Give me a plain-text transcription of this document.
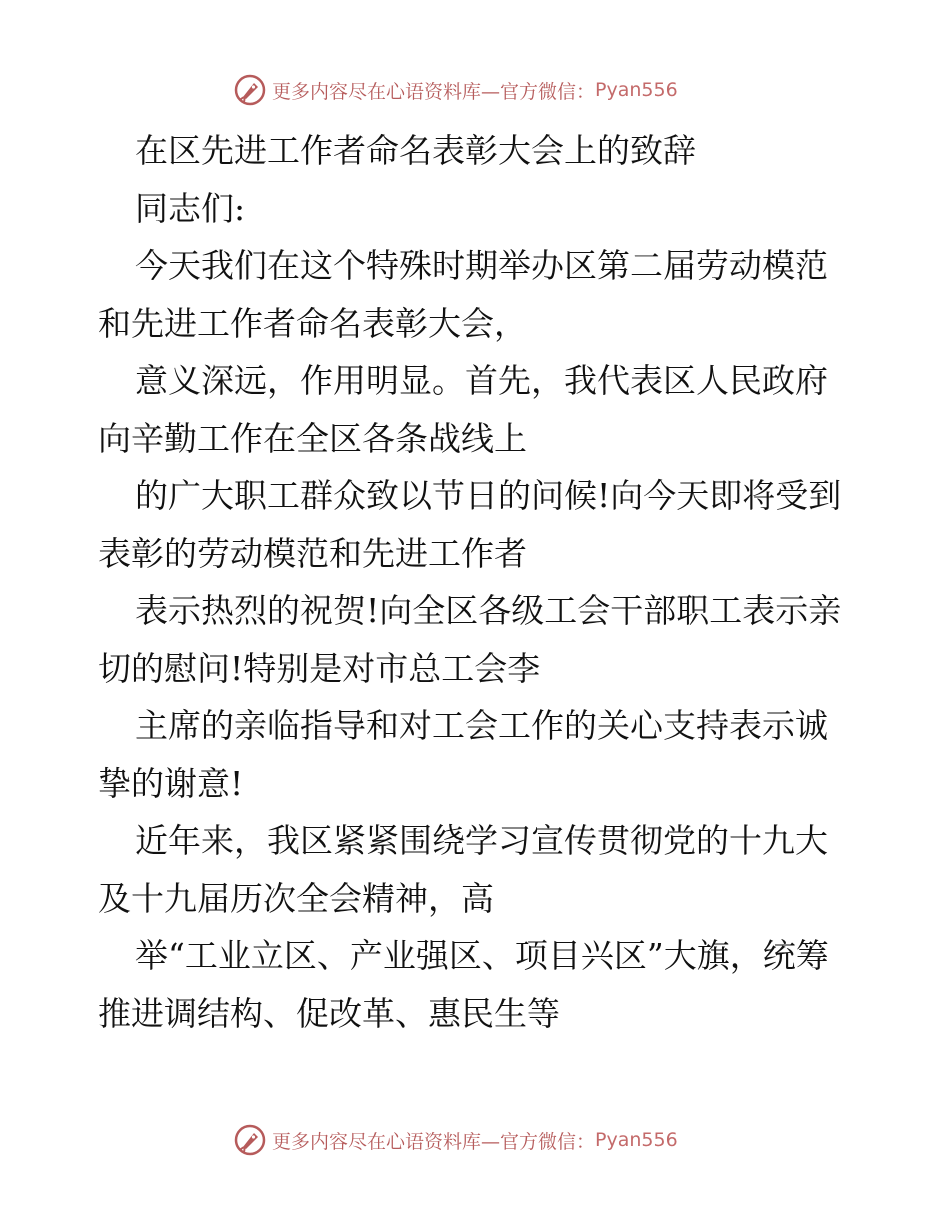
更多内容尽在心语资料库—官方微信： Pyan556

在区先进工作者命名表彰大会上的致辞

同志们:

今天我们在这个特殊时期举办区第二届劳动模范和先进工作者命名表彰大会，

意义深远，作用明显。首先，我代表区人民政府向辛勤工作在全区各条战线上

的广大职工群众致以节日的问候!向今天即将受到表彰的劳动模范和先进工作者

表示热烈的祝贺!向全区各级工会干部职工表示亲切的慰问!特别是对市总工会李

主席的亲临指导和对工会工作的关心支持表示诚挚的谢意!

近年来，我区紧紧围绕学习宣传贯彻党的十九大及十九届历次全会精神，高

举“工业立区、产业强区、项目兴区”大旗，统筹推进调结构、促改革、惠民生等

更多内容尽在心语资料库—官方微信： Pyan556
